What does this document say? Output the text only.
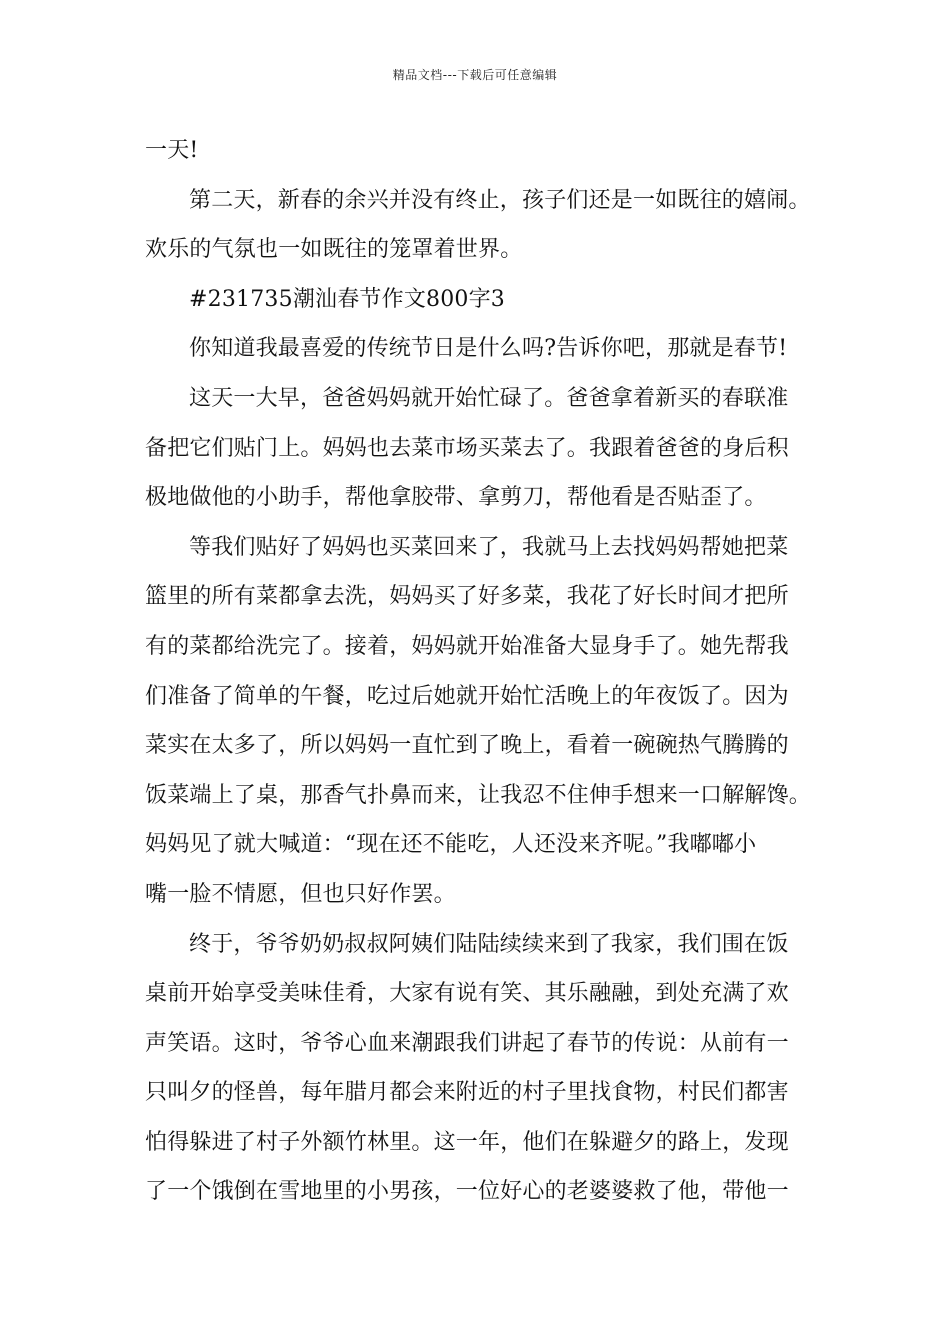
精品文档---下载后可任意编辑
一天!
第二天，新春的余兴并没有终止，孩子们还是一如既往的嬉闹。
欢乐的气氛也一如既往的笼罩着世界。
#231735潮汕春节作文800字3
你知道我最喜爱的传统节日是什么吗?告诉你吧，那就是春节!
这天一大早，爸爸妈妈就开始忙碌了。爸爸拿着新买的春联准
备把它们贴门上。妈妈也去菜市场买菜去了。我跟着爸爸的身后积
极地做他的小助手，帮他拿胶带、拿剪刀，帮他看是否贴歪了。
等我们贴好了妈妈也买菜回来了，我就马上去找妈妈帮她把菜
篮里的所有菜都拿去洗，妈妈买了好多菜，我花了好长时间才把所
有的菜都给洗完了。接着，妈妈就开始准备大显身手了。她先帮我
们准备了简单的午餐，吃过后她就开始忙活晚上的年夜饭了。因为
菜实在太多了，所以妈妈一直忙到了晚上，看着一碗碗热气腾腾的
饭菜端上了桌，那香气扑鼻而来，让我忍不住伸手想来一口解解馋。
妈妈见了就大喊道：“现在还不能吃，人还没来齐呢。”我嘟嘟小
嘴一脸不情愿，但也只好作罢。
终于，爷爷奶奶叔叔阿姨们陆陆续续来到了我家，我们围在饭
桌前开始享受美味佳肴，大家有说有笑、其乐融融，到处充满了欢
声笑语。这时，爷爷心血来潮跟我们讲起了春节的传说：从前有一
只叫夕的怪兽，每年腊月都会来附近的村子里找食物，村民们都害
怕得躲进了村子外额竹林里。这一年，他们在躲避夕的路上，发现
了一个饿倒在雪地里的小男孩，一位好心的老婆婆救了他，带他一
